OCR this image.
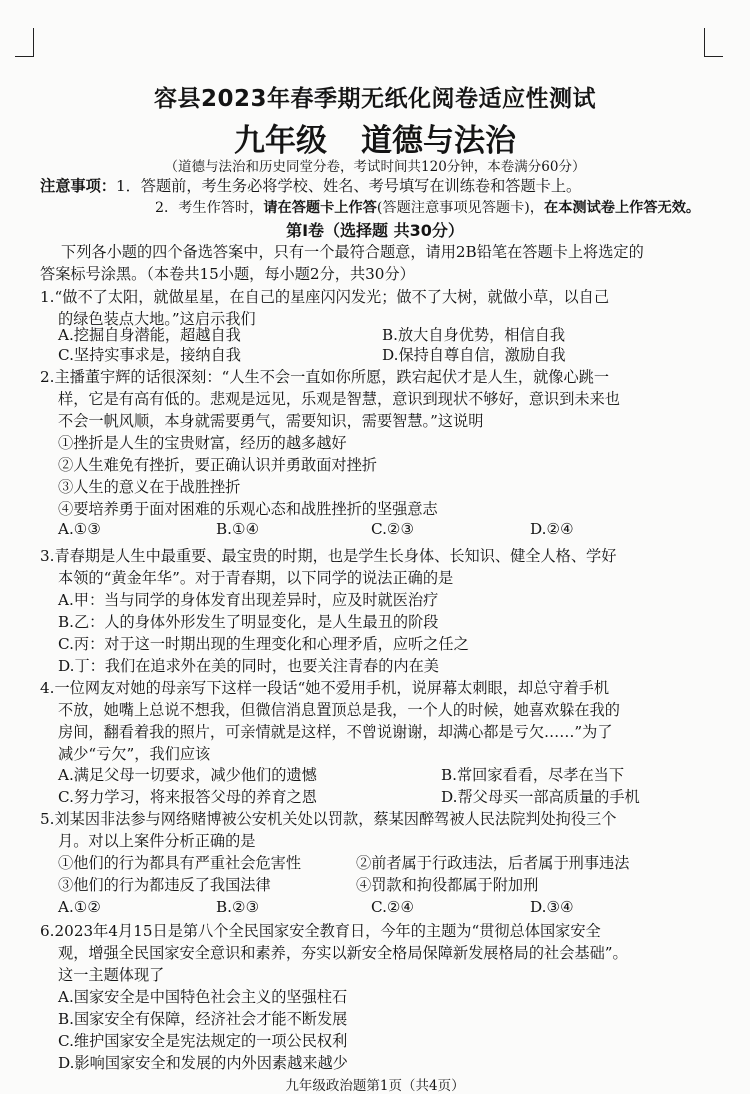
容县2023年春季期无纸化阅卷适应性测试
九年级 道德与法治
（道德与法治和历史同堂分卷，考试时间共120分钟，本卷满分60分）
注意事项：1．答题前，考生务必将学校、姓名、考号填写在训练卷和答题卡上。
2．考生作答时，请在答题卡上作答(答题注意事项见答题卡)，在本测试卷上作答无效。
第Ⅰ卷（选择题 共30分）
下列各小题的四个备选答案中，只有一个最符合题意，请用2B铅笔在答题卡上将选定的
答案标号涂黑。（本卷共15小题，每小题2分，共30分）
1.“做不了太阳，就做星星，在自己的星座闪闪发光；做不了大树，就做小草，以自己
的绿色装点大地。”这启示我们
A.挖掘自身潜能，超越自我	B.放大自身优势，相信自我
C.坚持实事求是，接纳自我	D.保持自尊自信，激励自我
2.主播董宇辉的话很深刻：“人生不会一直如你所愿，跌宕起伏才是人生，就像心跳一
样，它是有高有低的。悲观是远见，乐观是智慧，意识到现状不够好，意识到未来也
不会一帆风顺，本身就需要勇气，需要知识，需要智慧。”这说明
①挫折是人生的宝贵财富，经历的越多越好
②人生难免有挫折，要正确认识并勇敢面对挫折
③人生的意义在于战胜挫折
④要培养勇于面对困难的乐观心态和战胜挫折的坚强意志
A.①③	B.①④	C.②③	D.②④
3.青春期是人生中最重要、最宝贵的时期，也是学生长身体、长知识、健全人格、学好
本领的“黄金年华”。对于青春期，以下同学的说法正确的是
A.甲：当与同学的身体发育出现差异时，应及时就医治疗
B.乙：人的身体外形发生了明显变化，是人生最丑的阶段
C.丙：对于这一时期出现的生理变化和心理矛盾，应听之任之
D.丁：我们在追求外在美的同时，也要关注青春的内在美
4.一位网友对她的母亲写下这样一段话“她不爱用手机，说屏幕太刺眼，却总守着手机
不放，她嘴上总说不想我，但微信消息置顶总是我，一个人的时候，她喜欢躲在我的
房间，翻看着我的照片，可亲情就是这样，不曾说谢谢，却满心都是亏欠……”为了
减少“亏欠”，我们应该
A.满足父母一切要求，减少他们的遗憾	B.常回家看看，尽孝在当下
C.努力学习，将来报答父母的养育之恩	D.帮父母买一部高质量的手机
5.刘某因非法参与网络赌博被公安机关处以罚款，蔡某因醉驾被人民法院判处拘役三个
月。对以上案件分析正确的是
①他们的行为都具有严重社会危害性	②前者属于行政违法，后者属于刑事违法
③他们的行为都违反了我国法律	④罚款和拘役都属于附加刑
A.①②	B.②③	C.②④	D.③④
6.2023年4月15日是第八个全民国家安全教育日，今年的主题为“贯彻总体国家安全
观，增强全民国家安全意识和素养，夯实以新安全格局保障新发展格局的社会基础”。
这一主题体现了
A.国家安全是中国特色社会主义的坚强柱石
B.国家安全有保障，经济社会才能不断发展
C.维护国家安全是宪法规定的一项公民权利
D.影响国家安全和发展的内外因素越来越少
九年级政治题第1页（共4页）
